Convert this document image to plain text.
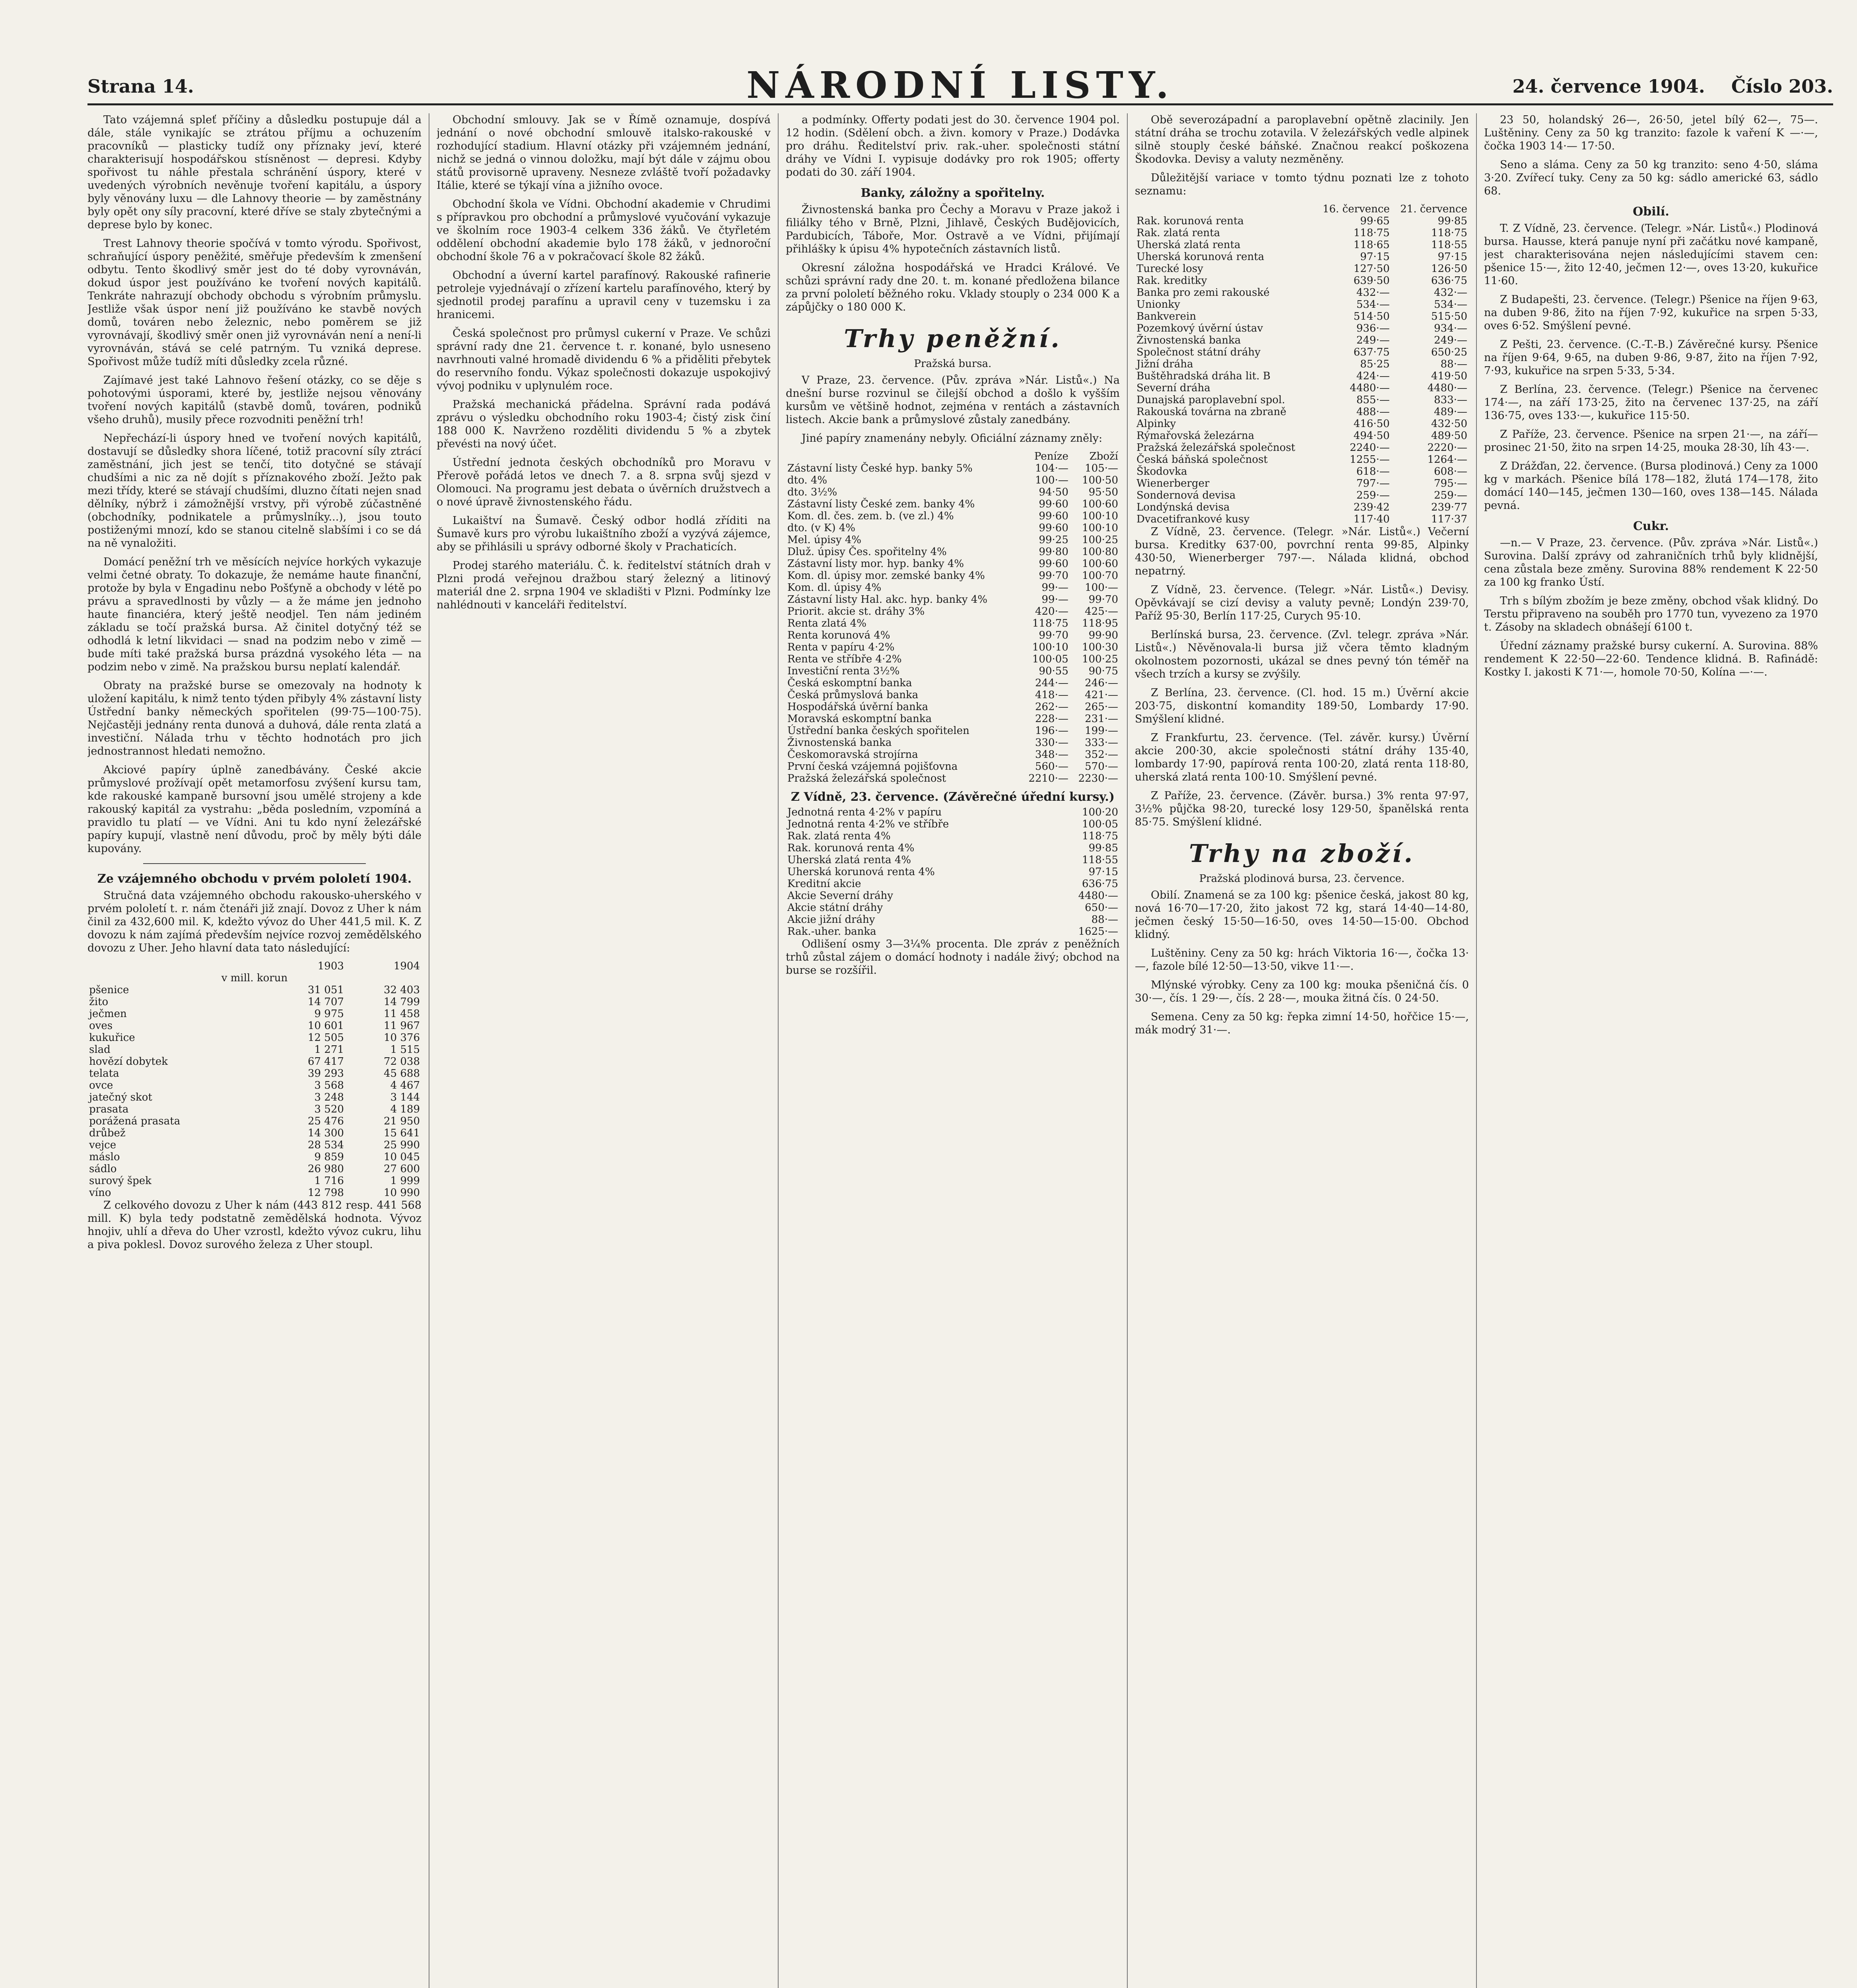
Strana 14.	NÁRODNÍ LISTY.	24. července 1904. Číslo 203.

Tato vzájemná spleť příčiny a důsledku postupuje dál a dále, stále vynikajíc se ztrátou příjmu a ochuzením pracovníků — plasticky tudíž ony příznaky jeví, které charakterisují hospodářskou stísněnost — depresi. Kdyby spořivost tu náhle přestala schránění úspory, které v uvedených výrobních nevěnuje tvoření kapitálu, a úspory byly věnovány luxu — dle Lahnovy theorie — by zaměstnány byly opět ony síly pracovní, které dříve se staly zbytečnými a deprese bylo by konec.

Trest Lahnovy theorie spočívá v tomto výrodu. Spořivost, schraňující úspory peněžité, směřuje především k zmenšení odbytu. Tento škodlivý směr jest do té doby vyrovnáván, dokud úspor jest používáno ke tvoření nových kapitálů. Tenkráte nahrazují obchody obchodu s výrobním průmyslu. Jestliže však úspor není již používáno ke stavbě nových domů, továren nebo železnic, nebo poměrem se již vyrovnávají, škodlivý směr onen již vyrovnáván není a není-li vyrovnáván, stává se celé patrným. Tu vzniká deprese. Spořivost může tudíž míti důsledky zcela různé.

Zajímavé jest také Lahnovo řešení otázky, co se děje s pohotovými úsporami, které by, jestliže nejsou věnovány tvoření nových kapitálů (stavbě domů, továren, podniků všeho druhů), musily přece rozvodniti peněžní trh!

Nepřechází-li úspory hned ve tvoření nových kapitálů, dostavují se důsledky shora líčené, totiž pracovní síly ztrácí zaměstnání, jich jest se tenčí, tito dotyčné se stávají chudšími a nic za ně dojít s příznakového zboží. Ježto pak mezi třídy, které se stávají chudšími, dluzno čítati nejen snad dělníky, nýbrž i zámožnější vrstvy, při výrobě zúčastněné (obchodníky, podnikatele a průmyslníky...), jsou touto postiženými mnozí, kdo se stanou citelně slabšími i co se dá na ně vynaložiti.

Domácí peněžní trh ve měsících nejvíce horkých vykazuje velmi četné obraty. To dokazuje, že nemáme haute finanční, protože by byla v Engadinu nebo Pošťyně a obchody v létě po právu a spravedlnosti by vůzly — a že máme jen jednoho haute financiéra, který ještě neodjel. Ten nám jediném základu se točí pražská bursa. Až činitel dotyčný též se odhodlá k letní likvidaci — snad na podzim nebo v zimě — bude míti také pražská bursa prázdná vysokého léta — na podzim nebo v zimě. Na pražskou bursu neplatí kalendář.

Obraty na pražské burse se omezovaly na hodnoty k uložení kapitálu, k nimž tento týden přibyly 4% zástavní listy Ústřední banky německých spořitelen (99·75—100·75). Nejčastěji jednány renta dunová a duhová, dále renta zlatá a investiční. Nálada trhu v těchto hodnotách pro jich jednostrannost hledati nemožno.

Akciové papíry úplně zanedbávány. České akcie průmyslové prožívají opět metamorfosu zvýšení kursu tam, kde rakouské kampaně bursovní jsou umělé strojeny a kde rakouský kapitál za vystrahu: „běda posledním, vzpomíná a pravidlo tu platí — ve Vídni. Ani tu kdo nyní železářské papíry kupují, vlastně není důvodu, proč by měly býti dále kupovány.

Ze vzájemného obchodu v prvém pololetí 1904.

Stručná data vzájemného obchodu rakousko-uherského v prvém pololetí t. r. nám čtenáři již znají. Dovoz z Uher k nám činil za 432,600 mil. K, kdežto vývoz do Uher 441,5 mil. K. Z dovozu k nám zajímá především nejvíce rozvoj zemědělského dovozu z Uher. Jeho hlavní data tato následující:

	1903	1904
v mill. korun		
pšenice	31 051	32 403
žito	14 707	14 799
ječmen	9 975	11 458
oves	10 601	11 967
kukuřice	12 505	10 376
slad	1 271	1 515
hovězí dobytek	67 417	72 038
telata	39 293	45 688
ovce	3 568	4 467
jatečný skot	3 248	3 144
prasata	3 520	4 189
porážená prasata	25 476	21 950
drůbež	14 300	15 641
vejce	28 534	25 990
máslo	9 859	10 045
sádlo	26 980	27 600
surový špek	1 716	1 999
víno	12 798	10 990

Z celkového dovozu z Uher k nám (443 812 resp. 441 568 mill. K) byla tedy podstatně zemědělská hodnota. Vývoz hnojiv, uhlí a dřeva do Uher vzrostl, kdežto vývoz cukru, lihu a piva poklesl. Dovoz surového železa z Uher stoupl.

Obchodní smlouvy. Jak se v Římě oznamuje, dospívá jednání o nové obchodní smlouvě italsko-rakouské v rozhodující stadium. Hlavní otázky při vzájemném jednání, nichž se jedná o vinnou doložku, mají být dále v zájmu obou států provisorně upraveny. Nesneze zvláště tvoří požadavky Itálie, které se týkají vína a jižního ovoce.

Obchodní škola ve Vídni. Obchodní akademie v Chrudimi s přípravkou pro obchodní a průmyslové vyučování vykazuje ve školním roce 1903-4 celkem 336 žáků. Ve čtyřletém oddělení obchodní akademie bylo 178 žáků, v jednoroční obchodní škole 76 a v pokračovací škole 82 žáků.

Obchodní a úverní kartel parafínový. Rakouské rafinerie petroleje vyjednávají o zřízení kartelu parafínového, který by sjednotil prodej parafínu a upravil ceny v tuzemsku i za hranicemi.

Česká společnost pro průmysl cukerní v Praze. Ve schůzi správní rady dne 21. července t. r. konané, bylo usneseno navrhnouti valné hromadě dividendu 6 % a přiděliti přebytek do reservního fondu. Výkaz společnosti dokazuje uspokojivý vývoj podniku v uplynulém roce.

Pražská mechanická přádelna. Správní rada podává zprávu o výsledku obchodního roku 1903-4; čistý zisk činí 188 000 K. Navrženo rozděliti dividendu 5 % a zbytek převésti na nový účet.

Ústřední jednota českých obchodníků pro Moravu v Přerově pořádá letos ve dnech 7. a 8. srpna svůj sjezd v Olomouci. Na programu jest debata o úvěrních družstvech a o nové úpravě živnostenského řádu.

Lukaištví na Šumavě. Český odbor hodlá zříditi na Šumavě kurs pro výrobu lukaištního zboží a vyzývá zájemce, aby se přihlásili u správy odborné školy v Prachaticích.

Prodej starého materiálu. Č. k. ředitelství státních drah v Plzni prodá veřejnou dražbou starý železný a litinový materiál dne 2. srpna 1904 ve skladišti v Plzni. Podmínky lze nahlédnouti v kanceláři ředitelství.

a podmínky. Offerty podati jest do 30. července 1904 pol. 12 hodin. (Sdělení obch. a živn. komory v Praze.) Dodávka pro dráhu. Ředitelství priv. rak.-uher. společnosti státní dráhy ve Vídni I. vypisuje dodávky pro rok 1905; offerty podati do 30. září 1904.

Banky, záložny a spořitelny.

Živnostenská banka pro Čechy a Moravu v Praze jakož i filiálky tého v Brně, Plzni, Jihlavě, Českých Budějovicích, Pardubicích, Táboře, Mor. Ostravě a ve Vídni, přijímají přihlášky k úpisu 4% hypotečních zástavních listů.

Okresní záložna hospodářská ve Hradci Králové. Ve schůzi správní rady dne 20. t. m. konané předložena bilance za první pololetí běžného roku. Vklady stouply o 234 000 K a zápůjčky o 180 000 K.

Trhy peněžní.
Pražská bursa.

V Praze, 23. července. (Pův. zpráva »Nár. Listů«.) Na dnešní burse rozvinul se čilejší obchod a došlo k vyšším kursům ve většině hodnot, zejména v rentách a zástavních listech. Akcie bank a průmyslové zůstaly zanedbány.

Jiné papíry znamenány nebyly. Oficiální záznamy zněly:

	Peníze	Zboží
Zástavní listy České hyp. banky 5%	104·—	105·—
dto. 4%	100·—	100·50
dto. 3½%	94·50	95·50
Zástavní listy České zem. banky 4%	99·60	100·60
Kom. dl. čes. zem. b. (ve zl.) 4%	99·60	100·10
dto. (v K) 4%	99·60	100·10
Mel. úpisy 4%	99·25	100·25
Dluž. úpisy Čes. spořitelny 4%	99·80	100·80
Zástavní listy mor. hyp. banky 4%	99·60	100·60
Kom. dl. úpisy mor. zemské banky 4%	99·70	100·70
Kom. dl. úpisy 4%	99·—	100·—
Zástavní listy Hal. akc. hyp. banky 4%	99·—	99·70
Priorit. akcie st. dráhy 3%	420·—	425·—
Renta zlatá 4%	118·75	118·95
Renta korunová 4%	99·70	99·90
Renta v papíru 4·2%	100·10	100·30
Renta ve stříbře 4·2%	100·05	100·25
Investiční renta 3½%	90·55	90·75
Česká eskomptní banka	244·—	246·—
Česká průmyslová banka	418·—	421·—
Hospodářská úvěrní banka	262·—	265·—
Moravská eskomptní banka	228·—	231·—
Ústřední banka českých spořitelen	196·—	199·—
Živnostenská banka	330·—	333·—
Českomoravská strojírna	348·—	352·—
První česká vzájemná pojišťovna	560·—	570·—
Pražská železářská společnost	2210·—	2230·—
Z Vídně, 23. července. (Závěrečné úřední kursy.)
Jednotná renta 4·2% v papíru	100·20
Jednotná renta 4·2% ve stříbře	100·05
Rak. zlatá renta 4%	118·75
Rak. korunová renta 4%	99·85
Uherská zlatá renta 4%	118·55
Uherská korunová renta 4%	97·15
Kreditní akcie	636·75
Akcie Severní dráhy	4480·—
Akcie státní dráhy	650·—
Akcie jižní dráhy	88·—
Rak.-uher. banka	1625·—

Odlišení osmy 3—3¼% procenta. Dle zpráv z peněžních trhů zůstal zájem o domácí hodnoty i nadále živý; obchod na burse se rozšířil.

Obě severozápadní a paroplavební opětně zlacinily. Jen státní dráha se trochu zotavila. V železářských vedle alpinek silně stouply české báňské. Značnou reakcí poškozena Škodovka. Devisy a valuty nezměněny.

Důležitější variace v tomto týdnu poznati lze z tohoto seznamu:

	16. července	21. července
Rak. korunová renta	99·65	99·85
Rak. zlatá renta	118·75	118·75
Uherská zlatá renta	118·65	118·55
Uherská korunová renta	97·15	97·15
Turecké losy	127·50	126·50
Rak. kreditky	639·50	636·75
Banka pro zemi rakouské	432·—	432·—
Unionky	534·—	534·—
Bankverein	514·50	515·50
Pozemkový úvěrní ústav	936·—	934·—
Živnostenská banka	249·—	249·—
Společnost státní dráhy	637·75	650·25
Jižní dráha	85·25	88·—
Buštěhradská dráha lit. B	424·—	419·50
Severní dráha	4480·—	4480·—
Dunajská paroplavební spol.	855·—	833·—
Rakouská továrna na zbraně	488·—	489·—
Alpinky	416·50	432·50
Rýmařovská železárna	494·50	489·50
Pražská železářská společnost	2240·—	2220·—
Česká báňská společnost	1255·—	1264·—
Škodovka	618·—	608·—
Wienerberger	797·—	795·—
Sondernová devisa	259·—	259·—
Londýnská devisa	239·42	239·77
Dvacetifrankové kusy	117·40	117·37

Z Vídně, 23. července. (Telegr. »Nár. Listů«.) Večerní bursa. Kreditky 637·00, povrchní renta 99·85, Alpinky 430·50, Wienerberger 797·—. Nálada klidná, obchod nepatrný.

Z Vídně, 23. července. (Telegr. »Nár. Listů«.) Devisy. Opěvkávají se cizí devisy a valuty pevně; Londýn 239·70, Paříž 95·30, Berlín 117·25, Curych 95·10.

Berlínská bursa, 23. července. (Zvl. telegr. zpráva »Nár. Listů«.) Něvěnovala-li bursa již včera těmto kladným okolnostem pozornosti, ukázal se dnes pevný tón téměř na všech trzích a kursy se zvýšily.

Z Berlína, 23. července. (Cl. hod. 15 m.) Úvěrní akcie 203·75, diskontní komandity 189·50, Lombardy 17·90. Smýšlení klidné.

Z Frankfurtu, 23. července. (Tel. závěr. kursy.) Úvěrní akcie 200·30, akcie společnosti státní dráhy 135·40, lombardy 17·90, papírová renta 100·20, zlatá renta 118·80, uherská zlatá renta 100·10. Smýšlení pevné.

Z Paříže, 23. července. (Závěr. bursa.) 3% renta 97·97, 3½% půjčka 98·20, turecké losy 129·50, španělská renta 85·75. Smýšlení klidné.

Trhy na zboží.
Pražská plodinová bursa, 23. července.

Obilí. Znamená se za 100 kg: pšenice česká, jakost 80 kg, nová 16·70—17·20, žito jakost 72 kg, stará 14·40—14·80, ječmen český 15·50—16·50, oves 14·50—15·00. Obchod klidný.

Luštěniny. Ceny za 50 kg: hrách Viktoria 16·—, čočka 13·—, fazole bílé 12·50—13·50, vikve 11·—.

Mlýnské výrobky. Ceny za 100 kg: mouka pšeničná čís. 0 30·—, čís. 1 29·—, čís. 2 28·—, mouka žitná čís. 0 24·50.

Semena. Ceny za 50 kg: řepka zimní 14·50, hořčice 15·—, mák modrý 31·—.

23 50, holandský 26—, 26·50, jetel bílý 62—, 75—. Luštěniny. Ceny za 50 kg tranzito: fazole k vaření K —·—, čočka 1903 14·— 17·50.

Seno a sláma. Ceny za 50 kg tranzito: seno 4·50, sláma 3·20. Zvířecí tuky. Ceny za 50 kg: sádlo americké 63, sádlo 68.

Obilí.

T. Z Vídně, 23. července. (Telegr. »Nár. Listů«.) Plodinová bursa. Hausse, která panuje nyní při začátku nové kampaně, jest charakterisována nejen následujícími stavem cen: pšenice 15·—, žito 12·40, ječmen 12·—, oves 13·20, kukuřice 11·60.

Z Budapešti, 23. července. (Telegr.) Pšenice na říjen 9·63, na duben 9·86, žito na říjen 7·92, kukuřice na srpen 5·33, oves 6·52. Smýšlení pevné.

Z Pešti, 23. července. (C.-T.-B.) Závěrečné kursy. Pšenice na říjen 9·64, 9·65, na duben 9·86, 9·87, žito na říjen 7·92, 7·93, kukuřice na srpen 5·33, 5·34.

Z Berlína, 23. července. (Telegr.) Pšenice na červenec 174·—, na září 173·25, žito na červenec 137·25, na září 136·75, oves 133·—, kukuřice 115·50.

Z Paříže, 23. července. Pšenice na srpen 21·—, na září—prosinec 21·50, žito na srpen 14·25, mouka 28·30, líh 43·—.

Z Drážďan, 22. července. (Bursa plodinová.) Ceny za 1000 kg v markách. Pšenice bílá 178—182, žlutá 174—178, žito domácí 140—145, ječmen 130—160, oves 138—145. Nálada pevná.

Cukr.

—n.— V Praze, 23. července. (Pův. zpráva »Nár. Listů«.) Surovina. Další zprávy od zahraničních trhů byly klidnější, cena zůstala beze změny. Surovina 88% rendement K 22·50 za 100 kg franko Ústí.

Trh s bílým zbožím je beze změny, obchod však klidný. Do Terstu připraveno na souběh pro 1770 tun, vyvezeno za 1970 t. Zásoby na skladech obnášejí 6100 t.

Úřední záznamy pražské bursy cukerní. A. Surovina. 88% rendement K 22·50—22·60. Tendence klidná. B. Rafinádě: Kostky I. jakosti K 71·—, homole 70·50, Kolína —·—.
